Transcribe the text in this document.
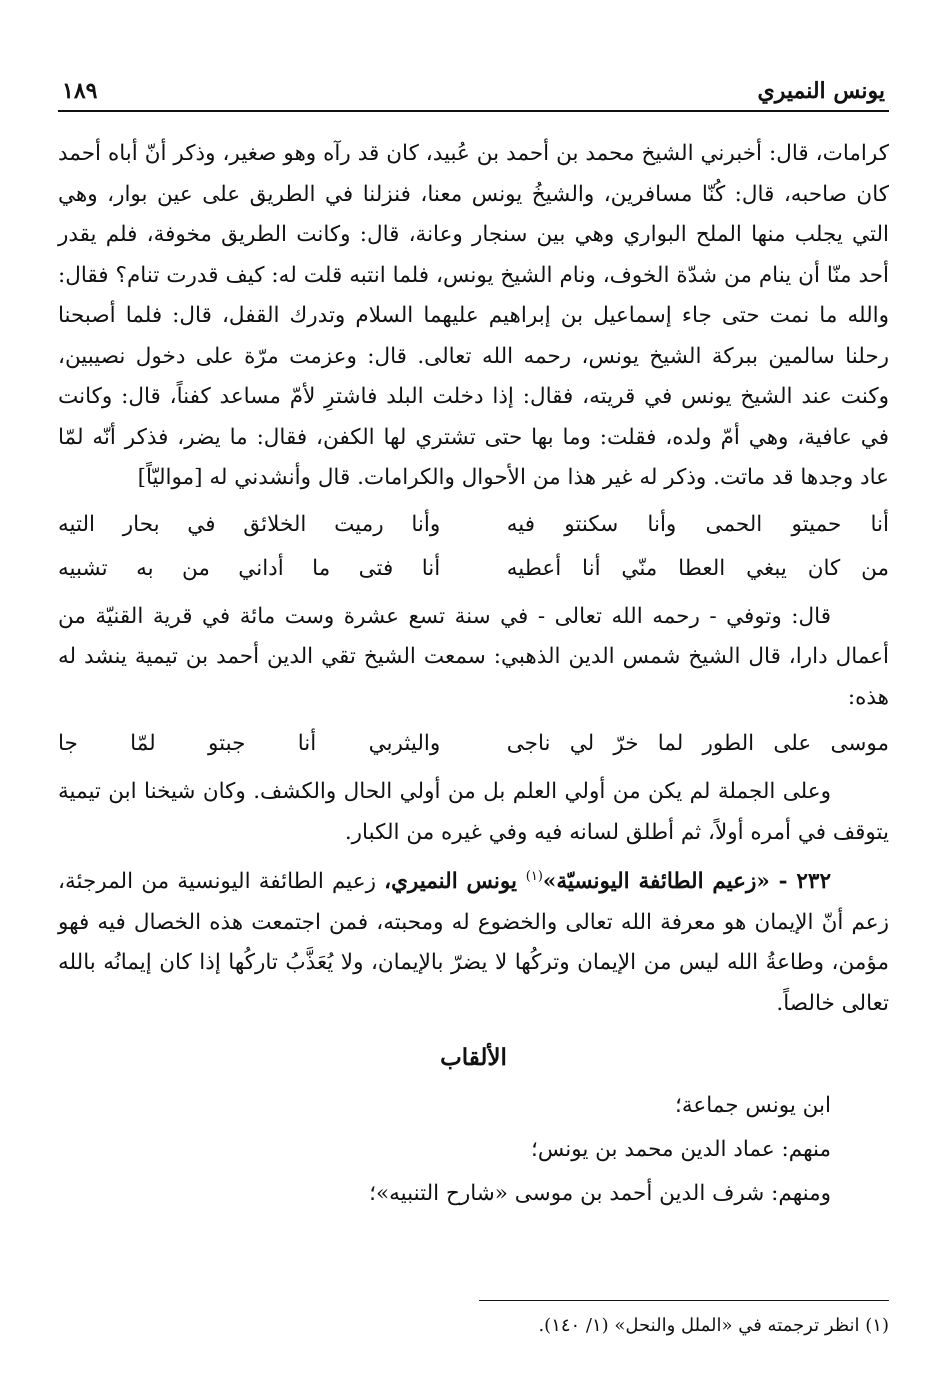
يونس النميري
١٨٩

كرامات، قال: أخبرني الشيخ محمد بن أحمد بن عُبيد، كان قد رآه وهو صغير، وذكر أنّ أباه أحمد كان صاحبه، قال: كُنّا مسافرين، والشيخُ يونس معنا، فنزلنا في الطريق على عين بوار، وهي التي يجلب منها الملح البواري وهي بين سنجار وعانة، قال: وكانت الطريق مخوفة، فلم يقدر أحد منّا أن ينام من شدّة الخوف، ونام الشيخ يونس، فلما انتبه قلت له: كيف قدرت تنام؟ فقال: والله ما نمت حتى جاء إسماعيل بن إبراهيم عليهما السلام وتدرك القفل، قال: فلما أصبحنا رحلنا سالمين ببركة الشيخ يونس، رحمه الله تعالى. قال: وعزمت مرّة على دخول نصيبين، وكنت عند الشيخ يونس في قريته، فقال: إذا دخلت البلد فاشترِ لأمّ مساعد كفناً، قال: وكانت في عافية، وهي أمّ ولده، فقلت: وما بها حتى تشتري لها الكفن، فقال: ما يضر، فذكر أنّه لمّا عاد وجدها قد ماتت. وذكر له غير هذا من الأحوال والكرامات. قال وأنشدني له [مواليّاً]

أنا حميتو الحمى وأنا سكنتو فيه
وأنا رميت الخلائق في بحار التيه
من كان يبغي العطا منّي أنا أعطيه
أنا فتى ما أداني من به تشبيه

قال: وتوفي - رحمه الله تعالى - في سنة تسع عشرة وست مائة في قرية القنيّة من أعمال دارا، قال الشيخ شمس الدين الذهبي: سمعت الشيخ تقي الدين أحمد بن تيمية ينشد له هذه:

موسى على الطور لما خرّ لي ناجى
واليثربي أنا جبتو لمّا جا

وعلى الجملة لم يكن من أولي العلم بل من أولي الحال والكشف. وكان شيخنا ابن تيمية يتوقف في أمره أولاً، ثم أطلق لسانه فيه وفي غيره من الكبار.

٢٣٢ - «زعيم الطائفة اليونسيّة»$^{(١)}$ يونس النميري، زعيم الطائفة اليونسية من المرجئة، زعم أنّ الإيمان هو معرفة الله تعالى والخضوع له ومحبته، فمن اجتمعت هذه الخصال فيه فهو مؤمن، وطاعةُ الله ليس من الإيمان وتركُها لا يضرّ بالإيمان، ولا يُعَذَّبُ تاركُها إذا كان إيمانُه بالله تعالى خالصاً.

الألقاب
ابن يونس جماعة؛
منهم: عماد الدين محمد بن يونس؛
ومنهم: شرف الدين أحمد بن موسى «شارح التنبيه»؛
(١) انظر ترجمته في «الملل والنحل» (١/ ١٤٠).
